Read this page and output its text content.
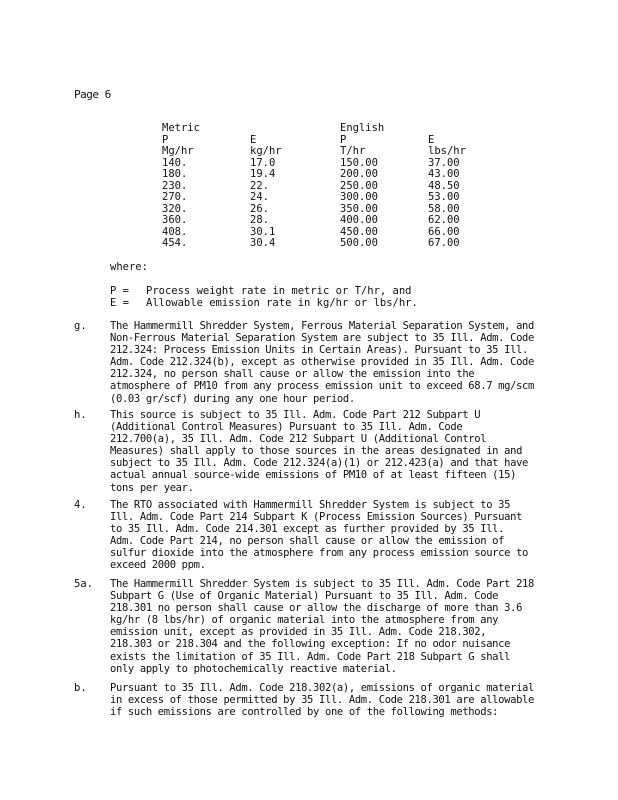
Page 6
Metric		English	
P	E	P	E
Mg/hr	kg/hr	T/hr	lbs/hr
140.	17.0	150.00	37.00
180.	19.4	200.00	43.00
230.	22.	250.00	48.50
270.	24.	300.00	53.00
320.	26.	350.00	58.00
360.	28.	400.00	62.00
408.	30.1	450.00	66.00
454.	30.4	500.00	67.00
where:
P = Process weight rate in metric or T/hr, and
E = Allowable emission rate in kg/hr or lbs/hr.
g. The Hammermill Shredder System, Ferrous Material Separation System, and
Non-Ferrous Material Separation System are subject to 35 Ill. Adm. Code
212.324: Process Emission Units in Certain Areas). Pursuant to 35 Ill.
Adm. Code 212.324(b), except as otherwise provided in 35 Ill. Adm. Code
212.324, no person shall cause or allow the emission into the
atmosphere of PM10 from any process emission unit to exceed 68.7 mg/scm
(0.03 gr/scf) during any one hour period.
h. This source is subject to 35 Ill. Adm. Code Part 212 Subpart U
(Additional Control Measures) Pursuant to 35 Ill. Adm. Code
212.700(a), 35 Ill. Adm. Code 212 Subpart U (Additional Control
Measures) shall apply to those sources in the areas designated in and
subject to 35 Ill. Adm. Code 212.324(a)(1) or 212.423(a) and that have
actual annual source-wide emissions of PM10 of at least fifteen (15)
tons per year.
4. The RTO associated with Hammermill Shredder System is subject to 35
Ill. Adm. Code Part 214 Subpart K (Process Emission Sources) Pursuant
to 35 Ill. Adm. Code 214.301 except as further provided by 35 Ill.
Adm. Code Part 214, no person shall cause or allow the emission of
sulfur dioxide into the atmosphere from any process emission source to
exceed 2000 ppm.
5a. The Hammermill Shredder System is subject to 35 Ill. Adm. Code Part 218
Subpart G (Use of Organic Material) Pursuant to 35 Ill. Adm. Code
218.301 no person shall cause or allow the discharge of more than 3.6
kg/hr (8 lbs/hr) of organic material into the atmosphere from any
emission unit, except as provided in 35 Ill. Adm. Code 218.302,
218.303 or 218.304 and the following exception: If no odor nuisance
exists the limitation of 35 Ill. Adm. Code Part 218 Subpart G shall
only apply to photochemically reactive material.
b. Pursuant to 35 Ill. Adm. Code 218.302(a), emissions of organic material
in excess of those permitted by 35 Ill. Adm. Code 218.301 are allowable
if such emissions are controlled by one of the following methods:
